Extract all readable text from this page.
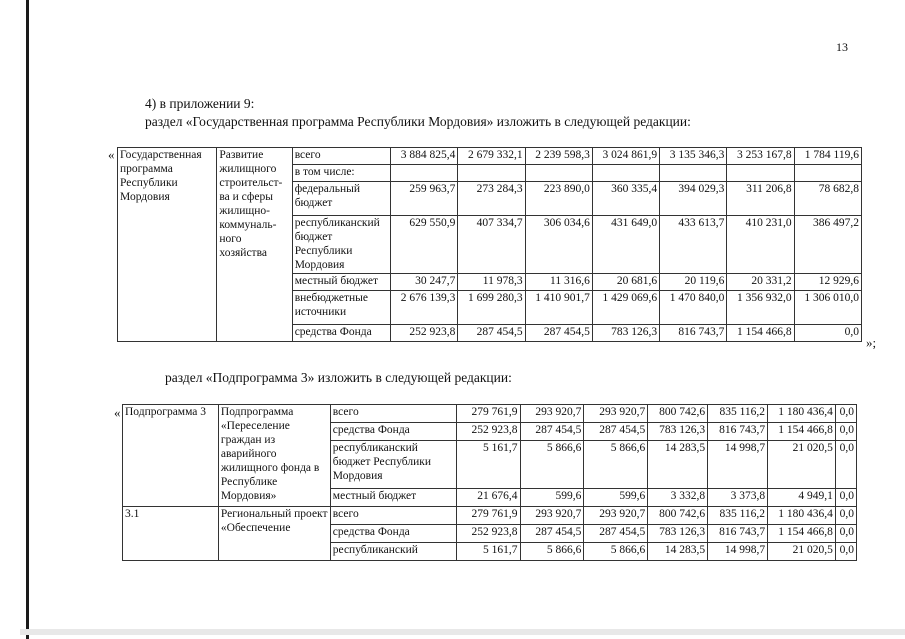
13
4) в приложении 9:
раздел «Государственная программа Республики Мордовия» изложить в следующей редакции:
«
»;
Государственная программа Республики Мордовия	Развитие жилищного строительст-ва и сферы жилищно-коммуналь-ного хозяйства	всего	3 884 825,4	2 679 332,1	2 239 598,3	3 024 861,9	3 135 346,3	3 253 167,8	1 784 119,6
		в том числе:							
		федеральный бюджет	259 963,7	273 284,3	223 890,0	360 335,4	394 029,3	311 206,8	78 682,8
		республиканский бюджет Республики Мордовия	629 550,9	407 334,7	306 034,6	431 649,0	433 613,7	410 231,0	386 497,2
		местный бюджет	30 247,7	11 978,3	11 316,6	20 681,6	20 119,6	20 331,2	12 929,6
		внебюджетные источники	2 676 139,3	1 699 280,3	1 410 901,7	1 429 069,6	1 470 840,0	1 356 932,0	1 306 010,0
		средства Фонда	252 923,8	287 454,5	287 454,5	783 126,3	816 743,7	1 154 466,8	0,0
раздел «Подпрограмма 3» изложить в следующей редакции:
« Подпрограмма 3	Подпрограмма «Переселение граждан из аварийного жилищного фонда в Республике Мордовия»	всего	279 761,9	293 920,7	293 920,7	800 742,6	835 116,2	1 180 436,4	0,0
		средства Фонда	252 923,8	287 454,5	287 454,5	783 126,3	816 743,7	1 154 466,8	0,0
		республиканский бюджет Республики Мордовия	5 161,7	5 866,6	5 866,6	14 283,5	14 998,7	21 020,5	0,0
		местный бюджет	21 676,4	599,6	599,6	3 332,8	3 373,8	4 949,1	0,0
3.1	Региональный проект «Обеспечение	всего	279 761,9	293 920,7	293 920,7	800 742,6	835 116,2	1 180 436,4	0,0
		средства Фонда	252 923,8	287 454,5	287 454,5	783 126,3	816 743,7	1 154 466,8	0,0
		республиканский	5 161,7	5 866,6	5 866,6	14 283,5	14 998,7	21 020,5	0,0
